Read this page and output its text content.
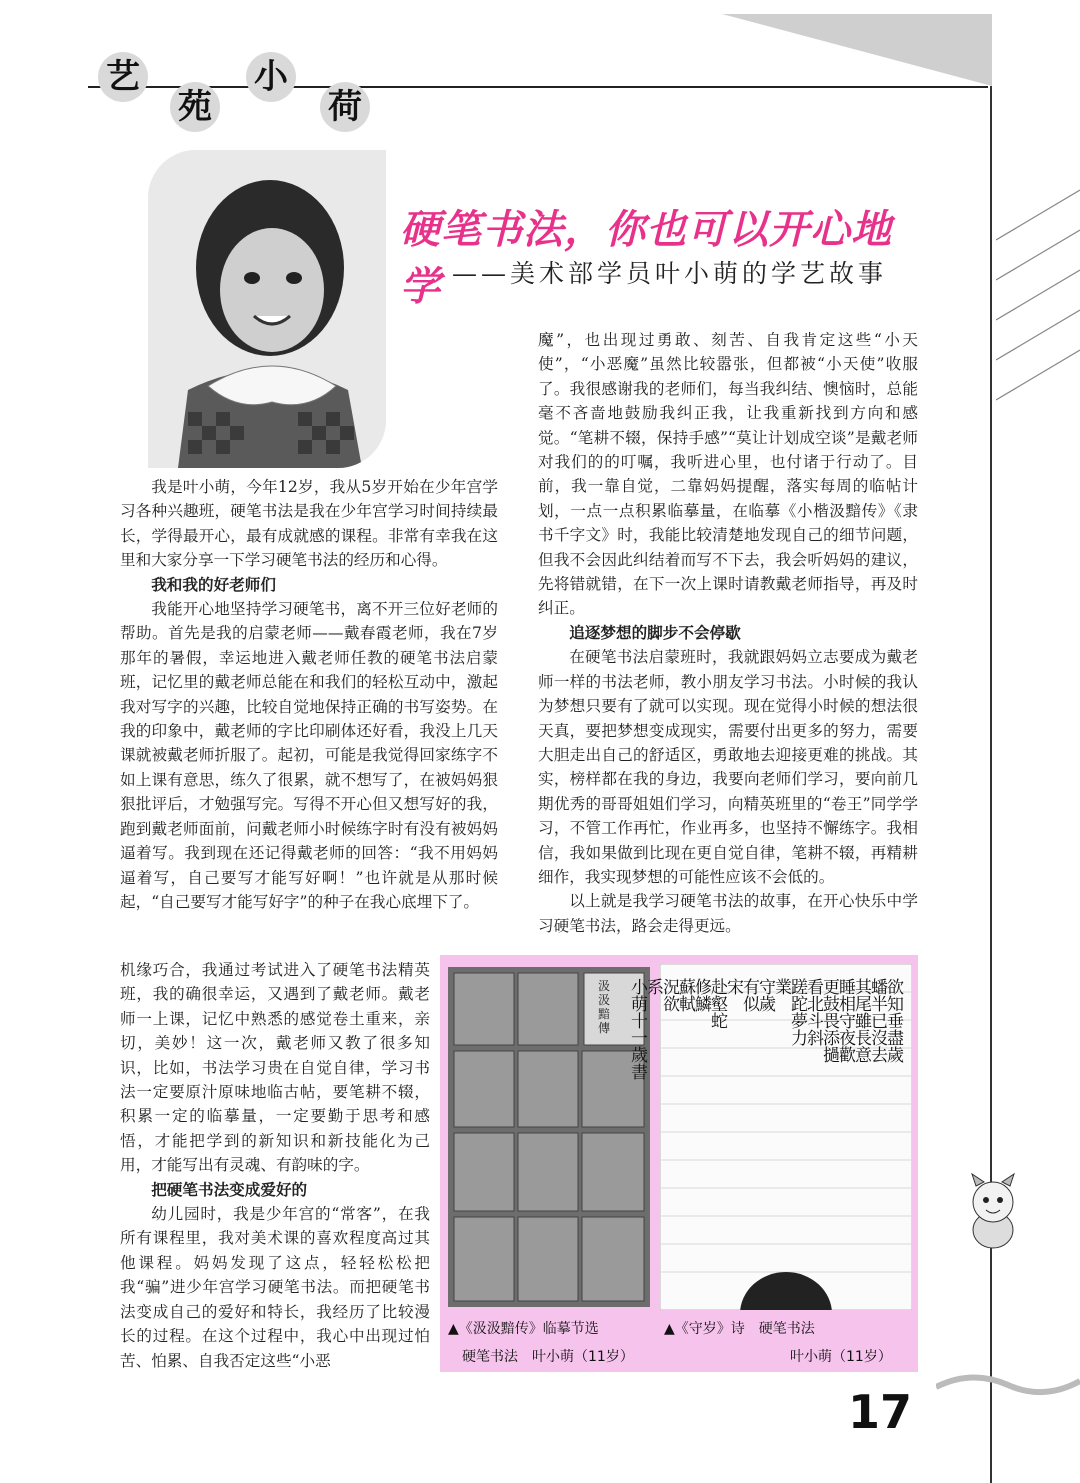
艺
苑
小
荷
硬笔书法，你也可以开心地学 ——美术部学员叶小萌的学艺故事

我是叶小萌，今年12岁，我从5岁开始在少年宫学习各种兴趣班，硬笔书法是我在少年宫学习时间持续最长，学得最开心，最有成就感的课程。非常有幸我在这里和大家分享一下学习硬笔书法的经历和心得。

我和我的好老师们

我能开心地坚持学习硬笔书，离不开三位好老师的帮助。首先是我的启蒙老师——戴春霞老师，我在7岁那年的暑假，幸运地进入戴老师任教的硬笔书法启蒙班，记忆里的戴老师总能在和我们的轻松互动中，激起我对写字的兴趣，比较自觉地保持正确的书写姿势。在我的印象中，戴老师的字比印刷体还好看，我没上几天课就被戴老师折服了。起初，可能是我觉得回家练字不如上课有意思，练久了很累，就不想写了，在被妈妈狠狠批评后，才勉强写完。写得不开心但又想写好的我，跑到戴老师面前，问戴老师小时候练字时有没有被妈妈逼着写。我到现在还记得戴老师的回答：“我不用妈妈逼着写，自己要写才能写好啊！”也许就是从那时候起，“自己要写才能写好字”的种子在我心底埋下了。

机缘巧合，我通过考试进入了硬笔书法精英班，我的确很幸运，又遇到了戴老师。戴老师一上课，记忆中熟悉的感觉卷土重来，亲切，美妙！这一次，戴老师又教了很多知识，比如，书法学习贵在自觉自律，学习书法一定要原汁原味地临古帖，要笔耕不辍，积累一定的临摹量，一定要勤于思考和感悟，才能把学到的新知识和新技能化为己用，才能写出有灵魂、有韵味的字。

把硬笔书法变成爱好的

幼儿园时，我是少年宫的“常客”，在我所有课程里，我对美术课的喜欢程度高过其他课程。妈妈发现了这点，轻轻松松把我“骗”进少年宫学习硬笔书法。而把硬笔书法变成自己的爱好和特长，我经历了比较漫长的过程。在这个过程中，我心中出现过怕苦、怕累、自我否定这些“小恶

魔”，也出现过勇敢、刻苦、自我肯定这些“小天使”，“小恶魔”虽然比较嚣张，但都被“小天使”收服了。我很感谢我的老师们，每当我纠结、懊恼时，总能毫不吝啬地鼓励我纠正我，让我重新找到方向和感觉。“笔耕不辍，保持手感”“莫让计划成空谈”是戴老师对我们的的叮嘱，我听进心里，也付诸于行动了。目前，我一靠自觉，二靠妈妈提醒，落实每周的临帖计划，一点一点积累临摹量，在临摹《小楷汲黯传》《隶书千字文》时，我能比较清楚地发现自己的细节问题，但我不会因此纠结着而写不下去，我会听妈妈的建议，先将错就错，在下一次上课时请教戴老师指导，再及时纠正。

追逐梦想的脚步不会停歇

在硬笔书法启蒙班时，我就跟妈妈立志要成为戴老师一样的书法老师，教小朋友学习书法。小时候的我认为梦想只要有了就可以实现。现在觉得小时候的想法很天真，要把梦想变成现实，需要付出更多的努力，需要大胆走出自己的舒适区，勇敢地去迎接更难的挑战。其实，榜样都在我的身边，我要向老师们学习，要向前几期优秀的哥哥姐姐们学习，向精英班里的“卷王”同学学习，不管工作再忙，作业再多，也坚持不懈练字。我相信，我如果做到比现在更自觉自律，笔耕不辍，再精耕细作，我实现梦想的可能性应该不会低的。

以上就是我学习硬笔书法的故事，在开心快乐中学习硬笔书法，路会走得更远。

汲汲黯傳	欲知垂盡歲
蟠半已沒去
其尾雖長意
睡相守夜歡
更鼓畏添撾
看北斗斜
蹉跎夢力
業
守歲
有似
宋
赴壑蛇
修鱗
蘇軾
況欲
系
小萌十一歲書
▲《汲汲黯传》临摹节选
硬笔书法　叶小萌（11岁）
▲《守岁》诗　硬笔书法
叶小萌（11岁）
17
